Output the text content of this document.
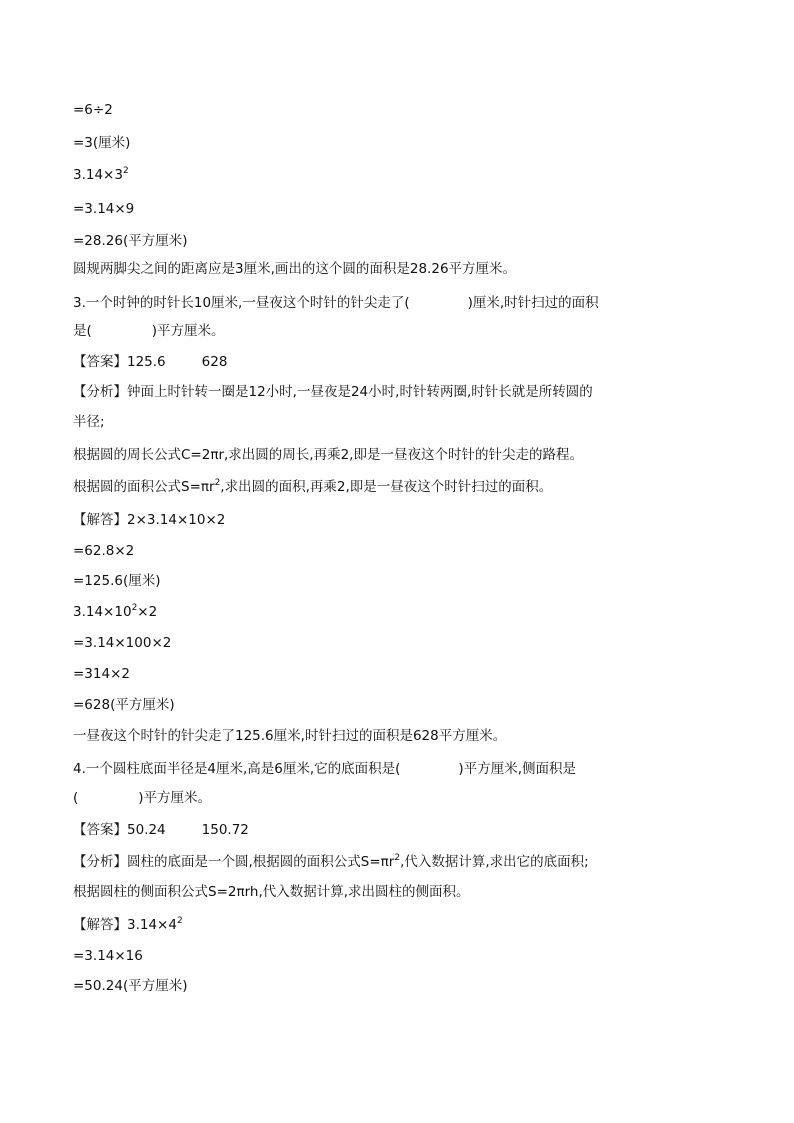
=6÷2
=3(厘米)
$3.14\times 3^2$
=3.14×9
=28.26(平方厘米)
圆规两脚尖之间的距离应是3厘米,画出的这个圆的面积是28.26平方厘米。
3.一个时钟的时针长10厘米,一昼夜这个时针的针尖走了(	)厘米,时针扫过的面积
是(	)平方厘米。
【答案】125.6	628
【分析】钟面上时针转一圈是12小时,一昼夜是24小时,时针转两圈,时针长就是所转圆的
半径;
根据圆的周长公式C=2πr,求出圆的周长,再乘2,即是一昼夜这个时针的针尖走的路程。
根据圆的面积公式$S=\pi r^2$,求出圆的面积,再乘2,即是一昼夜这个时针扫过的面积。
【解答】2×3.14×10×2
=62.8×2
=125.6(厘米)
$3.14\times 10^2\times 2$
=3.14×100×2
=314×2
=628(平方厘米)
一昼夜这个时针的针尖走了125.6厘米,时针扫过的面积是628平方厘米。
4.一个圆柱底面半径是4厘米,高是6厘米,它的底面积是(	)平方厘米,侧面积是
(	)平方厘米。
【答案】50.24	150.72
【分析】圆柱的底面是一个圆,根据圆的面积公式$S=\pi r^2$,代入数据计算,求出它的底面积;
根据圆柱的侧面积公式S=2πrh,代入数据计算,求出圆柱的侧面积。
【解答】$3.14\times 4^2$
=3.14×16
=50.24(平方厘米)
